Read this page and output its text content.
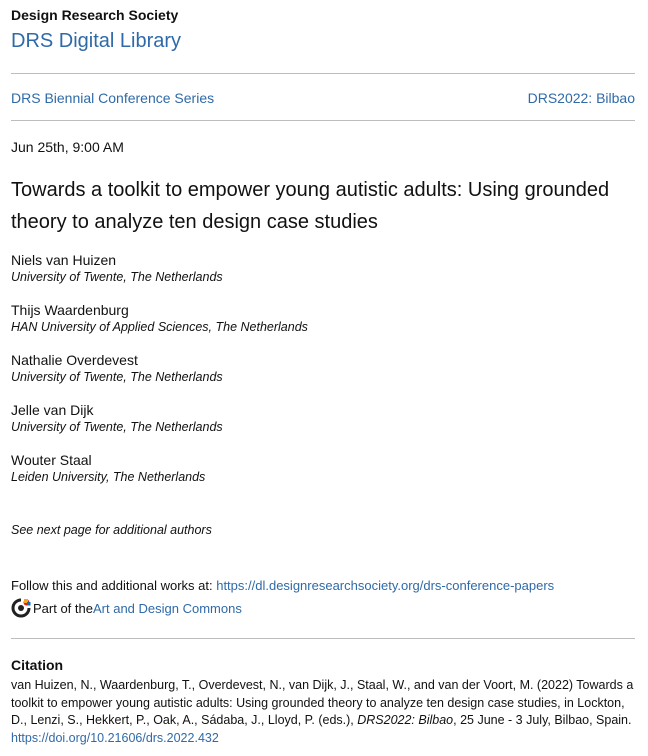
Design Research Society
DRS Digital Library
DRS Biennial Conference Series	DRS2022: Bilbao
Jun 25th, 9:00 AM
Towards a toolkit to empower young autistic adults: Using grounded theory to analyze ten design case studies
Niels van Huizen
University of Twente, The Netherlands
Thijs Waardenburg
HAN University of Applied Sciences, The Netherlands
Nathalie Overdevest
University of Twente, The Netherlands
Jelle van Dijk
University of Twente, The Netherlands
Wouter Staal
Leiden University, The Netherlands
See next page for additional authors
Follow this and additional works at: https://dl.designresearchsociety.org/drs-conference-papers
Part of the Art and Design Commons
Citation
van Huizen, N., Waardenburg, T., Overdevest, N., van Dijk, J., Staal, W., and van der Voort, M. (2022) Towards a toolkit to empower young autistic adults: Using grounded theory to analyze ten design case studies, in Lockton, D., Lenzi, S., Hekkert, P., Oak, A., Sádaba, J., Lloyd, P. (eds.), DRS2022: Bilbao, 25 June - 3 July, Bilbao, Spain. https://doi.org/10.21606/drs.2022.432
